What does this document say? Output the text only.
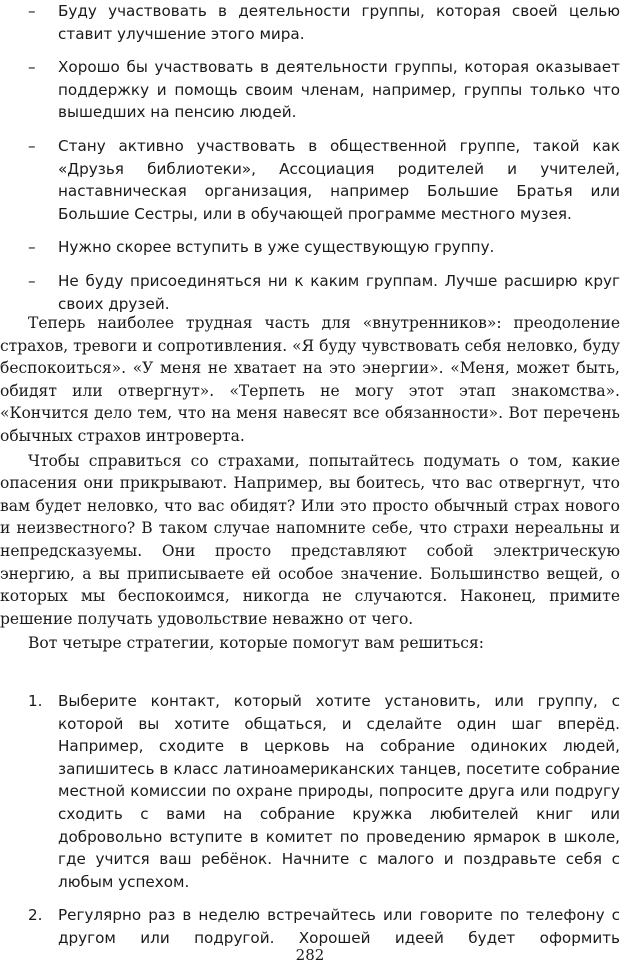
– Буду участвовать в деятельности группы, которая своей целью ставит улучшение этого мира.
– Хорошо бы участвовать в деятельности группы, которая оказывает поддержку и помощь своим членам, например, группы только что вышедших на пенсию людей.
– Стану активно участвовать в общественной группе, такой как «Друзья библиотеки», Ассоциация родителей и учителей, наставническая организация, например Большие Братья или Большие Сестры, или в обучающей программе местного музея.
– Нужно скорее вступить в уже существующую группу.
– Не буду присоединяться ни к каким группам. Лучше расширю круг своих друзей.

Теперь наиболее трудная часть для «внутренников»: преодоление страхов, тревоги и сопротивления. «Я буду чувствовать себя неловко, буду беспокоиться». «У меня не хватает на это энергии». «Меня, может быть, обидят или отвергнут». «Терпеть не могу этот этап знакомства». «Кончится дело тем, что на меня навесят все обязанности». Вот перечень обычных страхов интроверта.

Чтобы справиться со страхами, попытайтесь подумать о том, какие опасения они прикрывают. Например, вы боитесь, что вас отвергнут, что вам будет неловко, что вас обидят? Или это просто обычный страх нового и неизвестного? В таком случае напомните себе, что страхи нереальны и непредсказуемы. Они просто представляют собой электрическую энергию, а вы приписываете ей особое значение. Большинство вещей, о которых мы беспокоимся, никогда не случаются. Наконец, примите решение получать удовольствие неважно от чего.

Вот четыре стратегии, которые помогут вам решиться:

1. Выберите контакт, который хотите установить, или группу, с которой вы хотите общаться, и сделайте один шаг вперёд. Например, сходите в церковь на собрание одиноких людей, запишитесь в класс латиноамериканских танцев, посетите собрание местной комиссии по охране природы, попросите друга или подругу сходить с вами на собрание кружка любителей книг или добровольно вступите в комитет по проведению ярмарок в школе, где учится ваш ребёнок. Начните с малого и поздравьте себя с любым успехом.
2. Регулярно раз в неделю встречайтесь или говорите по телефону с другом или подругой. Хорошей идеей будет оформить
282
